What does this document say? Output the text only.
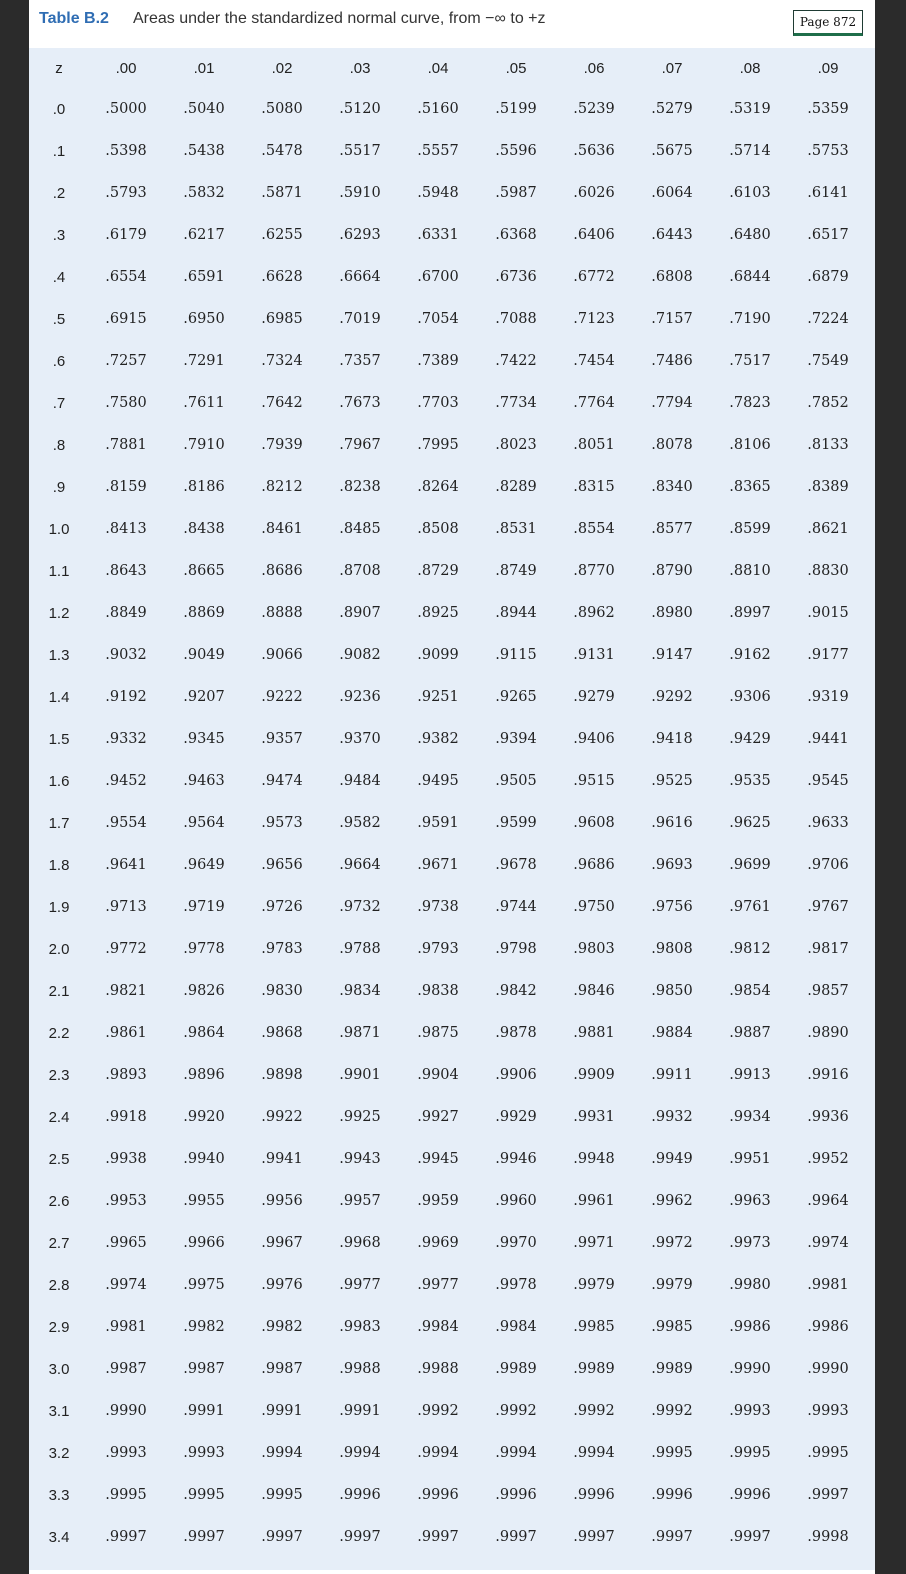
Table B.2 Areas under the standardized normal curve, from −∞ to +z	Page 872
z	.00	.01	.02	.03	.04	.05	.06	.07	.08	.09
.0	.5000	.5040	.5080	.5120	.5160	.5199	.5239	.5279	.5319	.5359
.1	.5398	.5438	.5478	.5517	.5557	.5596	.5636	.5675	.5714	.5753
.2	.5793	.5832	.5871	.5910	.5948	.5987	.6026	.6064	.6103	.6141
.3	.6179	.6217	.6255	.6293	.6331	.6368	.6406	.6443	.6480	.6517
.4	.6554	.6591	.6628	.6664	.6700	.6736	.6772	.6808	.6844	.6879
.5	.6915	.6950	.6985	.7019	.7054	.7088	.7123	.7157	.7190	.7224
.6	.7257	.7291	.7324	.7357	.7389	.7422	.7454	.7486	.7517	.7549
.7	.7580	.7611	.7642	.7673	.7703	.7734	.7764	.7794	.7823	.7852
.8	.7881	.7910	.7939	.7967	.7995	.8023	.8051	.8078	.8106	.8133
.9	.8159	.8186	.8212	.8238	.8264	.8289	.8315	.8340	.8365	.8389
1.0	.8413	.8438	.8461	.8485	.8508	.8531	.8554	.8577	.8599	.8621
1.1	.8643	.8665	.8686	.8708	.8729	.8749	.8770	.8790	.8810	.8830
1.2	.8849	.8869	.8888	.8907	.8925	.8944	.8962	.8980	.8997	.9015
1.3	.9032	.9049	.9066	.9082	.9099	.9115	.9131	.9147	.9162	.9177
1.4	.9192	.9207	.9222	.9236	.9251	.9265	.9279	.9292	.9306	.9319
1.5	.9332	.9345	.9357	.9370	.9382	.9394	.9406	.9418	.9429	.9441
1.6	.9452	.9463	.9474	.9484	.9495	.9505	.9515	.9525	.9535	.9545
1.7	.9554	.9564	.9573	.9582	.9591	.9599	.9608	.9616	.9625	.9633
1.8	.9641	.9649	.9656	.9664	.9671	.9678	.9686	.9693	.9699	.9706
1.9	.9713	.9719	.9726	.9732	.9738	.9744	.9750	.9756	.9761	.9767
2.0	.9772	.9778	.9783	.9788	.9793	.9798	.9803	.9808	.9812	.9817
2.1	.9821	.9826	.9830	.9834	.9838	.9842	.9846	.9850	.9854	.9857
2.2	.9861	.9864	.9868	.9871	.9875	.9878	.9881	.9884	.9887	.9890
2.3	.9893	.9896	.9898	.9901	.9904	.9906	.9909	.9911	.9913	.9916
2.4	.9918	.9920	.9922	.9925	.9927	.9929	.9931	.9932	.9934	.9936
2.5	.9938	.9940	.9941	.9943	.9945	.9946	.9948	.9949	.9951	.9952
2.6	.9953	.9955	.9956	.9957	.9959	.9960	.9961	.9962	.9963	.9964
2.7	.9965	.9966	.9967	.9968	.9969	.9970	.9971	.9972	.9973	.9974
2.8	.9974	.9975	.9976	.9977	.9977	.9978	.9979	.9979	.9980	.9981
2.9	.9981	.9982	.9982	.9983	.9984	.9984	.9985	.9985	.9986	.9986
3.0	.9987	.9987	.9987	.9988	.9988	.9989	.9989	.9989	.9990	.9990
3.1	.9990	.9991	.9991	.9991	.9992	.9992	.9992	.9992	.9993	.9993
3.2	.9993	.9993	.9994	.9994	.9994	.9994	.9994	.9995	.9995	.9995
3.3	.9995	.9995	.9995	.9996	.9996	.9996	.9996	.9996	.9996	.9997
3.4	.9997	.9997	.9997	.9997	.9997	.9997	.9997	.9997	.9997	.9998
